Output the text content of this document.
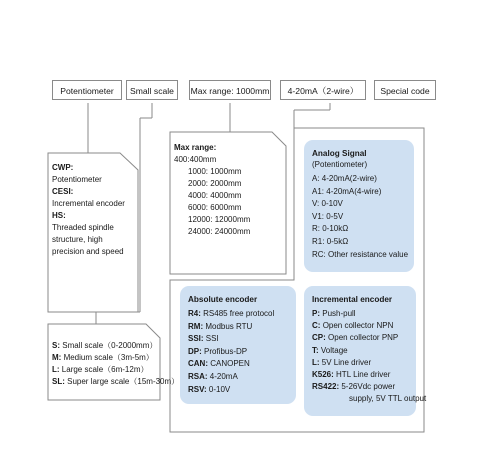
Potentiometer	Small scale	Max range: 1000mm	4-20mA（2-wire）	Special code
CWP:
Potentiometer
CESI:
Incremental encoder
HS:
Threaded spindle
structure, high
precision and speed
Max range:
400:400mm
1000: 1000mm
2000: 2000mm
4000: 4000mm
6000: 6000mm
12000: 12000mm
24000: 24000mm
S: Small scale（0-2000mm）
M: Medium scale（3m-5m）
L: Large scale（6m-12m）
SL: Super large scale（15m-30m）
Analog Signal
(Potentiometer)
A: 4-20mA(2-wire)
A1: 4-20mA(4-wire)
V: 0-10V
V1: 0-5V
R: 0-10kΩ
R1: 0-5kΩ
RC: Other resistance value
Absolute encoder
R4: RS485 free protocol
RM: Modbus RTU
SSI: SSI
DP: Profibus-DP
CAN: CANOPEN
RSA: 4-20mA
RSV: 0-10V
Incremental encoder
P: Push-pull
C: Open collector NPN
CP: Open collector PNP
T: Voltage
L: 5V Line driver
K526: HTL Line driver
RS422: 5-26Vdc power
supply, 5V TTL output
